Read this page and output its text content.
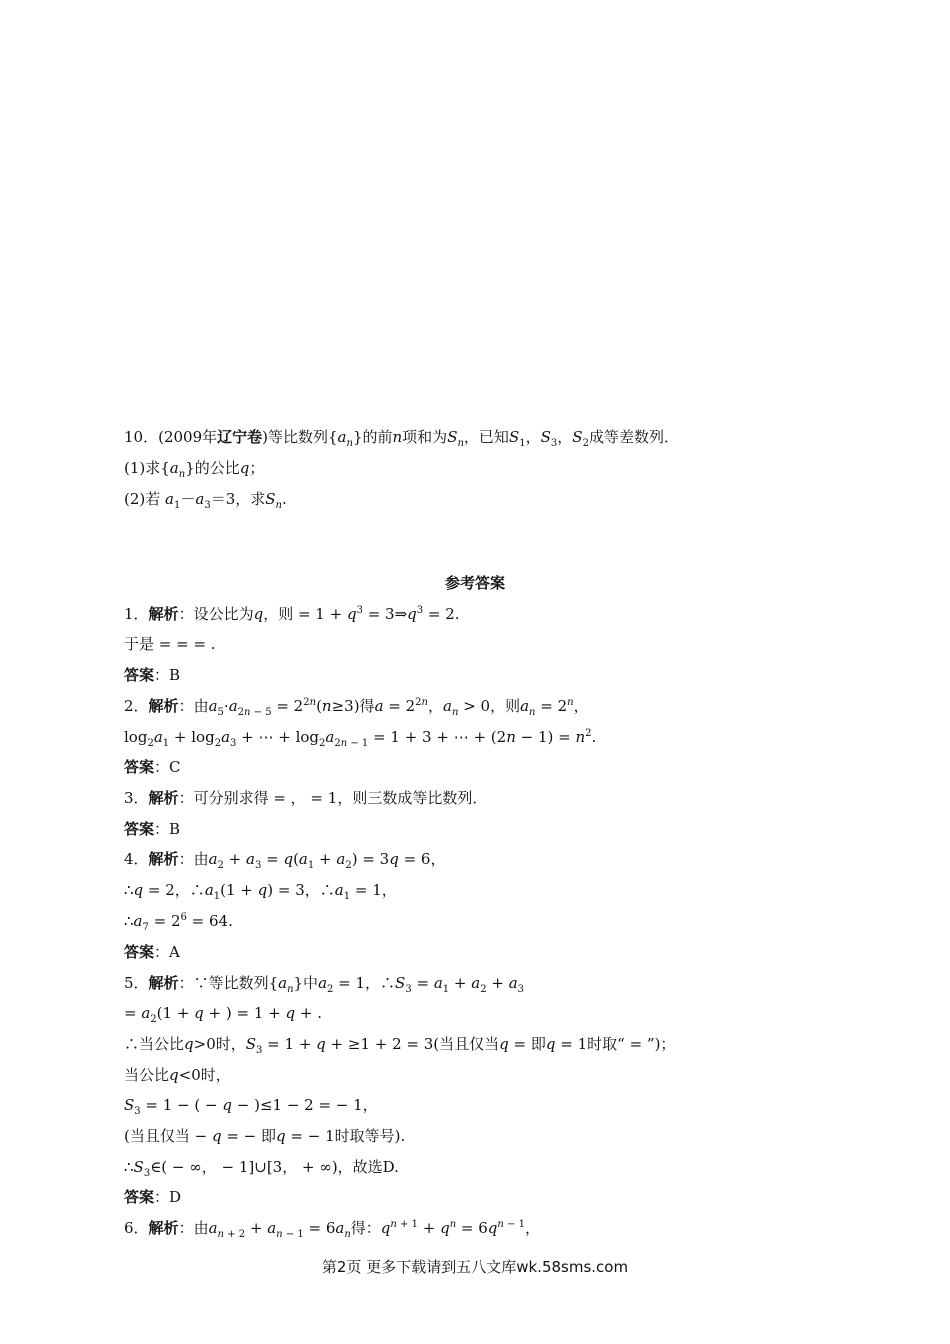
10．(2009年辽宁卷)等比数列$\{a_n\}$的前n项和为$S_n$，已知$S_1$，$S_3$，$S_2$成等差数列．
(1)求$\{a_n\}$的公比q；
(2)若 $a_1-a_3=3$，求$S_n$.
参考答案
1．解析：设公比为q，则 = $1 + q^3$ = $3\Rightarrow q^3 = 2$.
于是 = = = .
答案：B
2．解析：由$a_5\cdot a_{2n - 5} = 2^{2n}(n\ge 3)$得$a = 2^{2n}$，$a_n > 0$，则$a_n = 2^n$，
$\log_2a_1 + \log_2a_3$ + ⋯ + $\log_2a_{2n - 1} = 1 + 3$ + ⋯ + $(2n - 1) = n^2$.
答案：C
3．解析：可分别求得 = ， = 1，则三数成等比数列．
答案：B
4．解析：由$a_2 + a_3 = q(a_1 + a_2) = 3q = 6$，
∴q = 2，$\therefore a_1(1 + q) = 3$，$\therefore a_1 = 1$，
$\therefore a_7 = 2^6 = 64$.
答案：A
5．解析：∵等比数列$\{a_n\}$中$a_2 = 1$，$\therefore S_3 = a_1 + a_2 + a_3$
= $a_2(1 + q$ + ) = 1 + q + .
∴当公比q>0时，$S_3 = 1 + q + \ge 1 + 2 = 3$(当且仅当q = 即q = 1时取“ = ”)；
当公比q<0时，
$S_3 = 1$ − ( − q − )≤1 − 2 = − 1，
(当且仅当 − q = − 即q = − 1时取等号).
$\therefore S_3\in$( − ∞， − 1]∪[3， + ∞)，故选D.
答案：D
6．解析：由$a_{n + 2} + a_{n - 1} = 6a_n$得：$q^{n + 1} + q^n = 6q^{n - 1}$，
第2页 更多下载请到五八文库wk.58sms.com
